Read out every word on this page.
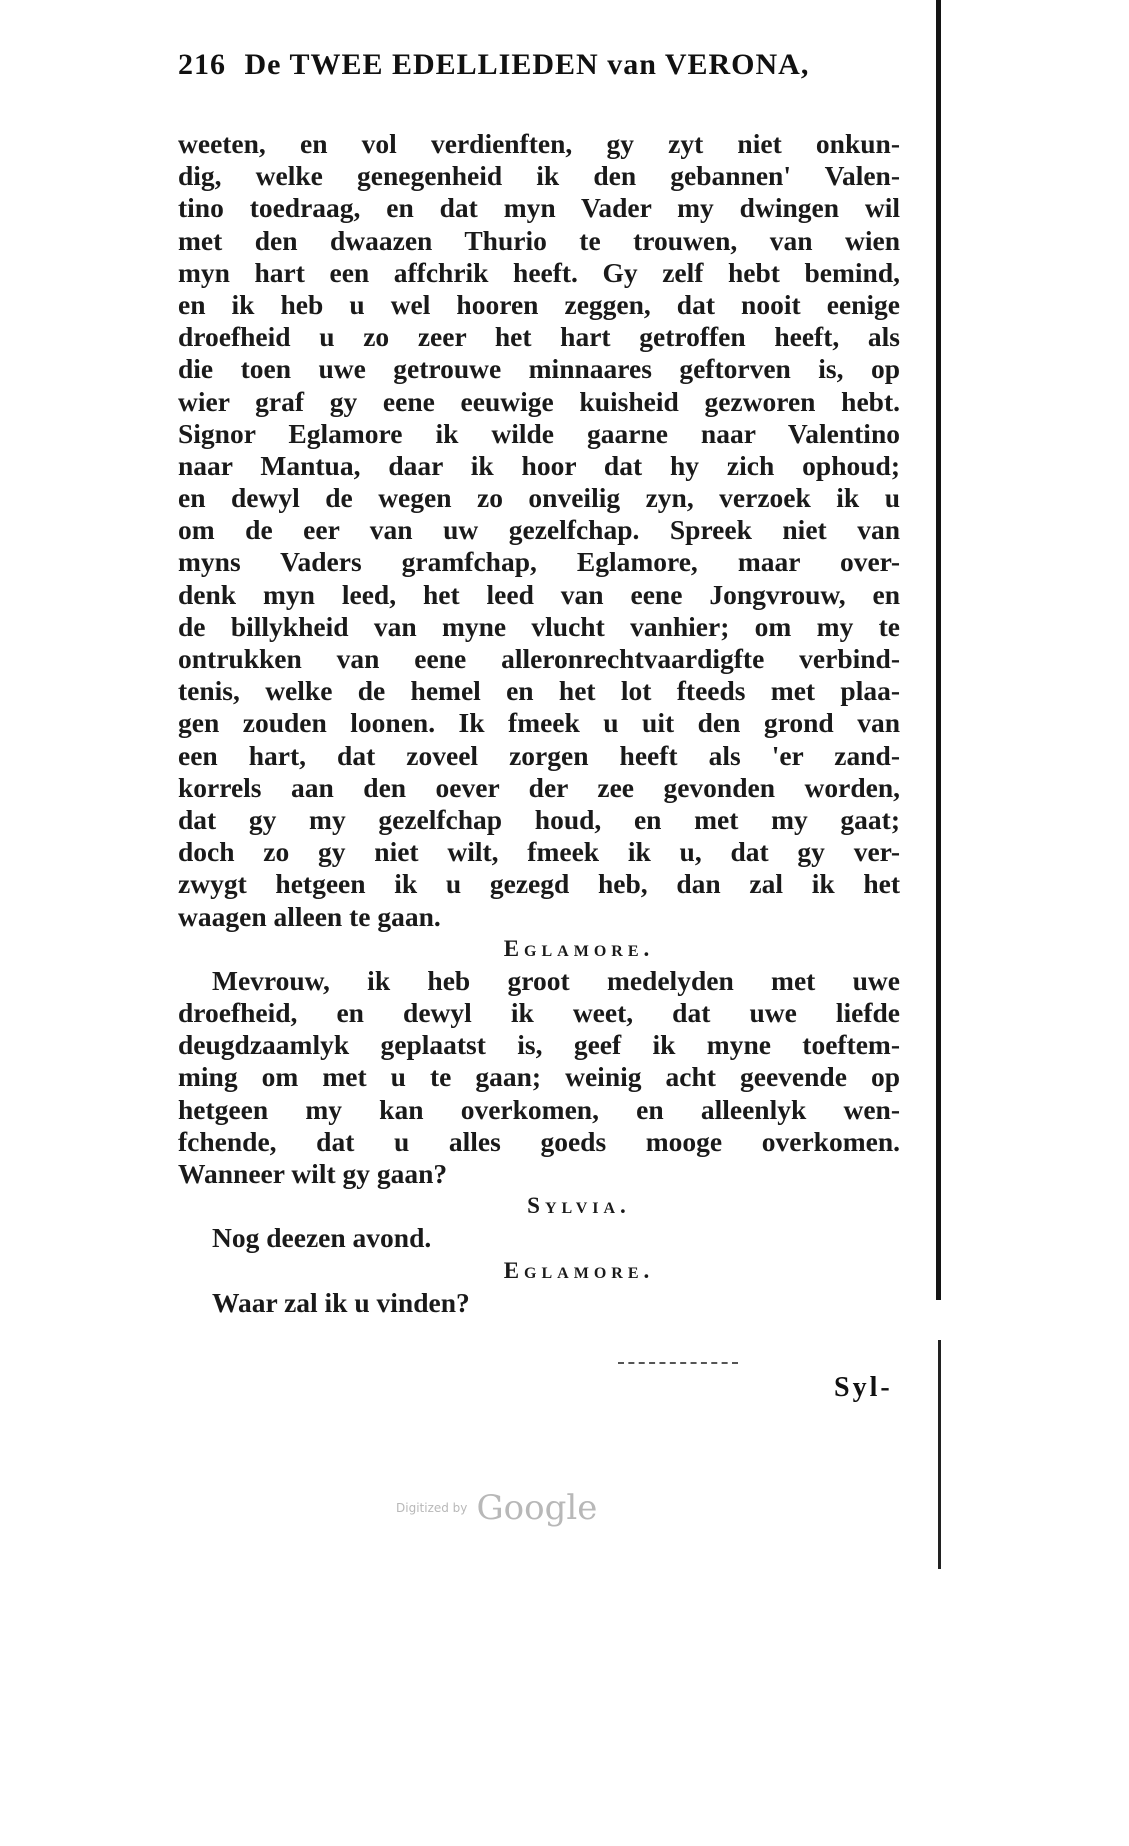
216 De TWEE EDELLIEDEN van VERONA,
weeten, en vol verdienften, gy zyt niet onkun-
dig, welke genegenheid ik den gebannen' Valen-
tino toedraag, en dat myn Vader my dwingen wil
met den dwaazen Thurio te trouwen, van wien
myn hart een affchrik heeft. Gy zelf hebt bemind,
en ik heb u wel hooren zeggen, dat nooit eenige
droefheid u zo zeer het hart getroffen heeft, als
die toen uwe getrouwe minnaares geftorven is, op
wier graf gy eene eeuwige kuisheid gezworen hebt.
Signor Eglamore ik wilde gaarne naar Valentino
naar Mantua, daar ik hoor dat hy zich ophoud;
en dewyl de wegen zo onveilig zyn, verzoek ik u
om de eer van uw gezelfchap. Spreek niet van
myns Vaders gramfchap, Eglamore, maar over-
denk myn leed, het leed van eene Jongvrouw, en
de billykheid van myne vlucht vanhier; om my te
ontrukken van eene alleronrechtvaardigfte verbind-
tenis, welke de hemel en het lot fteeds met plaa-
gen zouden loonen. Ik fmeek u uit den grond van
een hart, dat zoveel zorgen heeft als 'er zand-
korrels aan den oever der zee gevonden worden,
dat gy my gezelfchap houd, en met my gaat;
doch zo gy niet wilt, fmeek ik u, dat gy ver-
zwygt hetgeen ik u gezegd heb, dan zal ik het
waagen alleen te gaan.
Eglamore.
Mevrouw, ik heb groot medelyden met uwe
droefheid, en dewyl ik weet, dat uwe liefde
deugdzaamlyk geplaatst is, geef ik myne toeftem-
ming om met u te gaan; weinig acht geevende op
hetgeen my kan overkomen, en alleenlyk wen-
fchende, dat u alles goeds mooge overkomen.
Wanneer wilt gy gaan?
Sylvia.
Nog deezen avond.
Eglamore.
Waar zal ik u vinden?
Syl-
Digitized by Google
